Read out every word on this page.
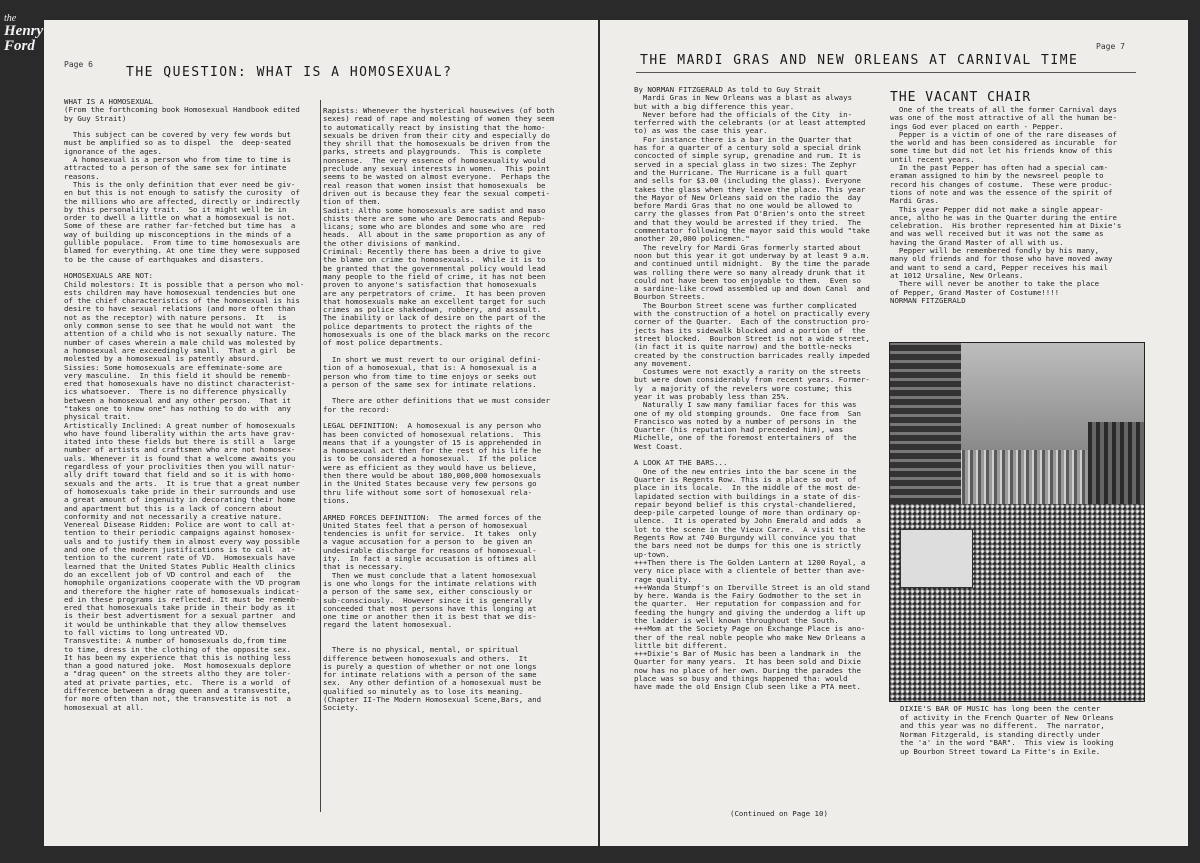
the
Henry
Ford
Page 6
THE QUESTION: WHAT IS A HOMOSEXUAL?
WHAT IS A HOMOSEXUAL
(From the forthcoming book Homosexual Handbook edited
by Guy Strait)

This subject can be covered by very few words but
must be amplified so as to dispel  the  deep-seated
ignorance of the ages.
A homosexual is a person who from time to time is
attracted to a person of the same sex for intimate
reasons.
This is the only definition that ever need be giv-
en but this is not enough to satisfy the curosity  of
the millions who are affected, directly or indirectly
by this personality trait.  So it might well be in
order to dwell a little on what a homosexual is not.
Some of these are rather far-fetched but time has  a
way of building up misconceptions in the minds of a
gullible populace.  From time to time homosexuals are
blamed for everything. At one time they were supposed
to be the cause of earthquakes and disasters.

HOMOSEXUALS ARE NOT:
Child molestors: It is possible that a person who mol-
ests children may have homosexual tendencies but one
of the chief characteristics of the homosexual is his
desire to have sexual relations (and more often than
not as the receptor) with nature persons.  It   is
only common sense to see that he would not want  the
attention of a child who is not sexually nature. The
number of cases wherein a male child was molested by
a homosexual are exceedingly small.  That a girl  be
molested by a homosexual is patently absurd.
Sissies: Some homosexuals are effeminate-some are
very masculine.  In this field it should be rememb-
ered that homosexuals have no distinct characterist-
ics whatsoever.  There is no difference physically
between a homosexual and any other person.  That it
"takes one to know one" has nothing to do with  any
physical trait.
Artistically Inclined: A great number of homosexuals
who have found liberality within the arts have grav-
itated into these fields but there is still a  large
number of artists and craftsmen who are not homosex-
uals. Whenever it is found that a welcome awaits you
regardless of your proclivities then you will natur-
ally drift toward that field and so it is with homo-
sexuals and the arts.  It is true that a great number
of homosexuals take pride in their surrounds and use
a great amount of ingenuity in decorating their home
and apartment but this is a lack of concern about
conformity and not necessarily a creative nature.
Venereal Disease Ridden: Police are wont to call at-
tention to their periodic campaigns against homosex-
uals and to justify them in almost every way possible
and one of the modern justifications is to call  at-
tention to the current rate of VD.  Homosexuals have
learned that the United States Public Health clinics
do an excellent job of VD control and each of   the
homophile organizations cooperate with the VD program
and therefore the higher rate of homosexuals indicat-
ed in these programs is reflected. It must be rememb-
ered that homosexuals take pride in their body as it
is their best advertisment for a sexual partner  and
it would be unthinkable that they allow themselves
to fall victims to long untreated VD.
Transvestite: A number of homosexuals do,from time
to time, dress in the clothing of the opposite sex.
It has been my experience that this is nothing less
than a good natured joke.  Most homosexuals deplore
a "drag queen" on the streets altho they are toler-
ated at private parties, etc.  There is a world  of
difference between a drag queen and a transvestite,
for more often than not, the transvestite is not  a
homosexual at all.
Rapists: Whenever the hysterical housewives (of both
sexes) read of rape and molesting of women they seem
to automatically react by insisting that the homo-
sexuals be driven from their city and especially do
they shrill that the homosexuals be driven from the
parks, streets and playgrounds.  This is complete
nonsense.  The very essence of homosexuality would
preclude any sexual interests in women.  This point
seems to be wasted on almost everyone.  Perhaps the
real reason that women insist that homosexuals  be
driven out is because they fear the sexual competi-
tion of them.
Sadist: Altho some homosexuals are sadist and maso
chists there are some who are Democrats and Repub-
licans; some who are blondes and some who are  red
heads.  All about in the same proportion as any of
the other divisions of mankind.
Criminal: Recently there has been a drive to give
the blame on crime to homosexuals.  While it is to
be granted that the governmental policy would lead
many people to the field of crime, it has not been
proven to anyone's satisfaction that homosexuals
are any perpetrators of crime.  It has been proven
that homosexuals make an excellent target for such
crimes as police shakedown, robbery, and assault.
The inability or lack of desire on the part of the
police departments to protect the rights of the
homosexuals is one of the black marks on the recorc
of most police departments.

In short we must revert to our original defini-
tion of a homosexual, that is: A homosexual is a
person who from time to time enjoys or seeks out
a person of the same sex for intimate relations.

There are other definitions that we must consider
for the record:

LEGAL DEFINITION:  A homosexual is any person who
has been convicted of homosexual relations.  This
means that if a youngster of 15 is apprehended in
a homosexual act then for the rest of his life he
is to be considered a homosexual.  If the police
were as efficient as they would have us believe,
then there would be about 180,000,000 homosexuals
in the United States because very few persons go
thru life without some sort of homosexual rela-
tions.

ARMED FORCES DEFINITION:  The armed forces of the
United States feel that a person of homosexual
tendencies is unfit for service.  It takes  only
a vague accusation for a person to  be given an
undesirable discharge for reasons of homosexual-
ity.  In fact a single accusation is oftimes all
that is necessary.
Then we must conclude that a latent homosexual
is one who longs for the intimate relations with
a person of the same sex, either consciously or
sub-consciously.  However since it is generally
conceeded that most persons have this longing at
one time or another then it is best that we dis-
regard the latent homosexual.

There is no physical, mental, or spiritual
difference between homosexuals and others.  It
is purely a question of whether or not one longs
for intimate relations with a person of the same
sex.  Any other defintion of a homosexual must be
qualified so minutely as to lose its meaning.
(Chapter II-The Modern Homosexual Scene,Bars, and
Society.
Page 7
THE MARDI GRAS AND NEW ORLEANS AT CARNIVAL TIME
By NORMAN FITZGERALD As told to Guy Strait
Mardi Gras in New Orleans was a blast as always
but with a big difference this year.
Never before had the officials of the City  in-
terferred with the celebrants (or at least attempted
to) as was the case this year.
For instance there is a bar in the Quarter that
has for a quarter of a century sold a special drink
concocted of simple syrup, grenadine and rum. It is
served in a special glass in two sizes: The Zephyr
and the Hurricane. The Hurricane is a full quart
and sells for $3.00 (including the glass). Everyone
takes the glass when they leave the place. This year
the Mayor of New Orleans said on the radio the  day
before Mardi Gras that no one would be allowed to
carry the glasses from Pat O'Brien's onto the street
and that they would be arrested if they tried.  The
commentator following the mayor said this would "take
another 20,000 policemen."
The revelry for Mardi Gras formerly started about
noon but this year it got underway by at least 9 a.m.
and continued until midnight.  By the time the parade
was rolling there were so many already drunk that it
could not have been too enjoyable to them.  Even so
a sardine-like crowd assembled up and down Canal  and
Bourbon Streets.
The Bourbon Street scene was further complicated
with the construction of a hotel on practically every
corner of the Quarter.  Each of the construction pro-
jects has its sidewalk blocked and a portion of  the
street blocked.  Bourbon Street is not a wide street,
(in fact it is quite narrow) and the bottle-necks
created by the construction barricades really impeded
any movement.
Costumes were not exactly a rarity on the streets
but were down considerably from recent years. Former-
ly  a majority of the revelers wore costume; this
year it was probably less than 25%.
Naturally I saw many familiar faces for this was
one of my old stomping grounds.  One face from  San
Francisco was noted by a number of persons in  the
Quarter (his reputation had preceeded him), was
Michelle, one of the foremost entertainers of  the
West Coast.

A LOOK AT THE BARS...
One of the new entries into the bar scene in the
Quarter is Regents Row. This is a place so out  of
place in its locale.  In the middle of the most de-
lapidated section with buildings in a state of dis-
repair beyond belief is this crystal-chandeliered,
deep-pile carpeted lounge of more than ordinary op-
ulence.  It is operated by John Emerald and adds  a
lot to the scene in the Vieux Carre.  A visit to the
Regents Row at 740 Burgundy will convince you that
the bars need not be dumps for this one is strictly
up-town.
+++Then there is The Golden Lantern at 1200 Royal, a
very nice place with a clientele of better than ave-
rage quality.
+++Wanda Stumpf's on Iberville Street is an old stand
by here. Wanda is the Fairy Godmother to the set in
the quarter.  Her reputation for compassion and for
feeding the hungry and giving the underdog a lift up
the ladder is well known throughout the South.
+++Mom at the Society Page on Exchange Place is ano-
ther of the real noble people who make New Orleans a
little bit different.
+++Dixie's Bar of Music has been a landmark in  the
Quarter for many years.  It has been sold and Dixie
now has no place of her own. During the parades the
place was so busy and things happened tha: would
have made the old Ensign Club seen like a PTA meet.
(Continued on Page 10)
THE VACANT CHAIR
One of the treats of all the former Carnival days
was one of the most attractive of all the human be-
ings God ever placed on earth - Pepper.
Pepper is a victim of one of the rare diseases of
the world and has been considered as incurable  for
some time but did not let his friends know of this
until recent years.
In the past Pepper has often had a special cam-
eraman assigned to him by the newsreel people to
record his changes of costume.  These were produc-
tions of note and was the essence of the spirit of
Mardi Gras.
This year Pepper did not make a single appear-
ance, altho he was in the Quarter during the entire
celebration.  His brother represented him at Dixie's
and was well received but it was not the same as
having the Grand Master of all with us.
Pepper will be remembered fondly by his many,
many old friends and for those who have moved away
and want to send a card, Pepper receives his mail
at 1012 Ursaline, New Orleans.
There will never be another to take the place
of Pepper, Grand Master of Costume!!!!
NORMAN FITZGERALD
DIXIE'S BAR OF MUSIC has long been the center
of activity in the French Quarter of New Orleans
and this year was no different.  The narrator,
Norman Fitzgerald, is standing directly under
the 'a' in the word "BAR".  This view is looking
up Bourbon Street toward La Fitte's in Exile.
